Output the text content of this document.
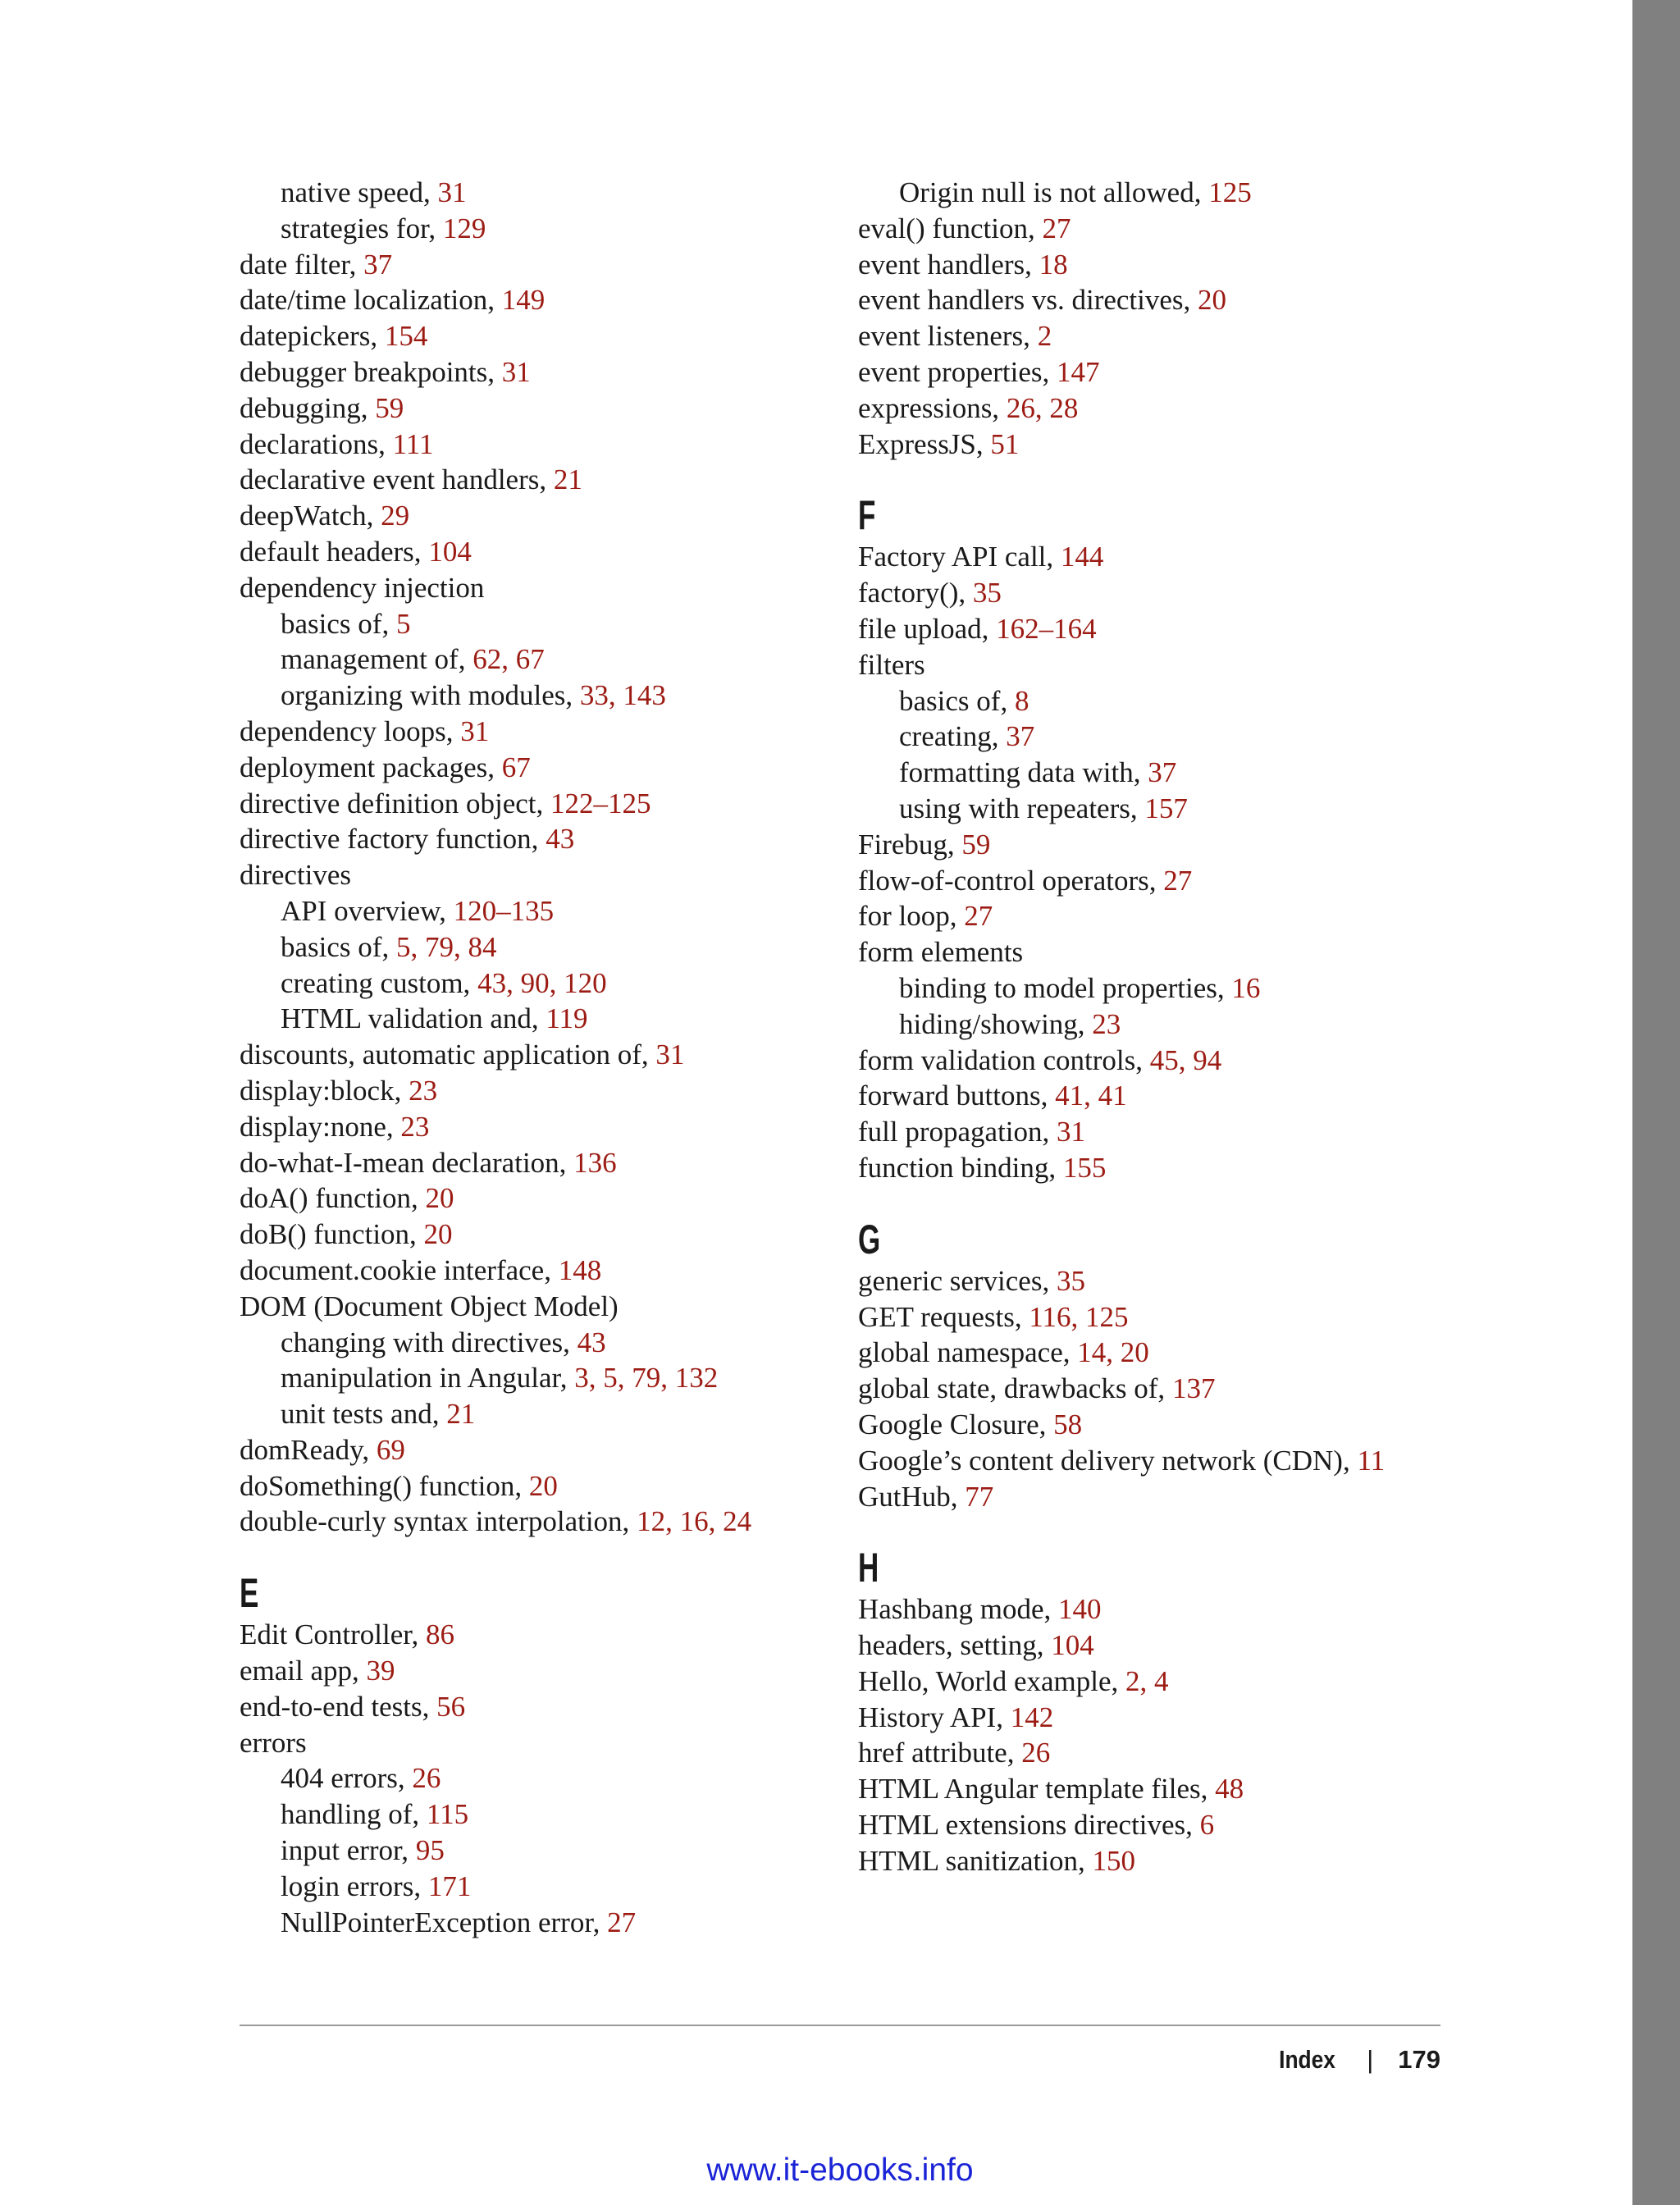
native speed, 31
strategies for, 129
date filter, 37
date/time localization, 149
datepickers, 154
debugger breakpoints, 31
debugging, 59
declarations, 111
declarative event handlers, 21
deepWatch, 29
default headers, 104
dependency injection
basics of, 5
management of, 62, 67
organizing with modules, 33, 143
dependency loops, 31
deployment packages, 67
directive definition object, 122–125
directive factory function, 43
directives
API overview, 120–135
basics of, 5, 79, 84
creating custom, 43, 90, 120
HTML validation and, 119
discounts, automatic application of, 31
display:block, 23
display:none, 23
do-what-I-mean declaration, 136
doA() function, 20
doB() function, 20
document.cookie interface, 148
DOM (Document Object Model)
changing with directives, 43
manipulation in Angular, 3, 5, 79, 132
unit tests and, 21
domReady, 69
doSomething() function, 20
double-curly syntax interpolation, 12, 16, 24
E
Edit Controller, 86
email app, 39
end-to-end tests, 56
errors
404 errors, 26
handling of, 115
input error, 95
login errors, 171
NullPointerException error, 27
Origin null is not allowed, 125
eval() function, 27
event handlers, 18
event handlers vs. directives, 20
event listeners, 2
event properties, 147
expressions, 26, 28
ExpressJS, 51
F
Factory API call, 144
factory(), 35
file upload, 162–164
filters
basics of, 8
creating, 37
formatting data with, 37
using with repeaters, 157
Firebug, 59
flow-of-control operators, 27
for loop, 27
form elements
binding to model properties, 16
hiding/showing, 23
form validation controls, 45, 94
forward buttons, 41, 41
full propagation, 31
function binding, 155
G
generic services, 35
GET requests, 116, 125
global namespace, 14, 20
global state, drawbacks of, 137
Google Closure, 58
Google’s content delivery network (CDN), 11
GutHub, 77
H
Hashbang mode, 140
headers, setting, 104
Hello, World example, 2, 4
History API, 142
href attribute, 26
HTML Angular template files, 48
HTML extensions directives, 6
HTML sanitization, 150
Index | 179
www.it-ebooks.info
